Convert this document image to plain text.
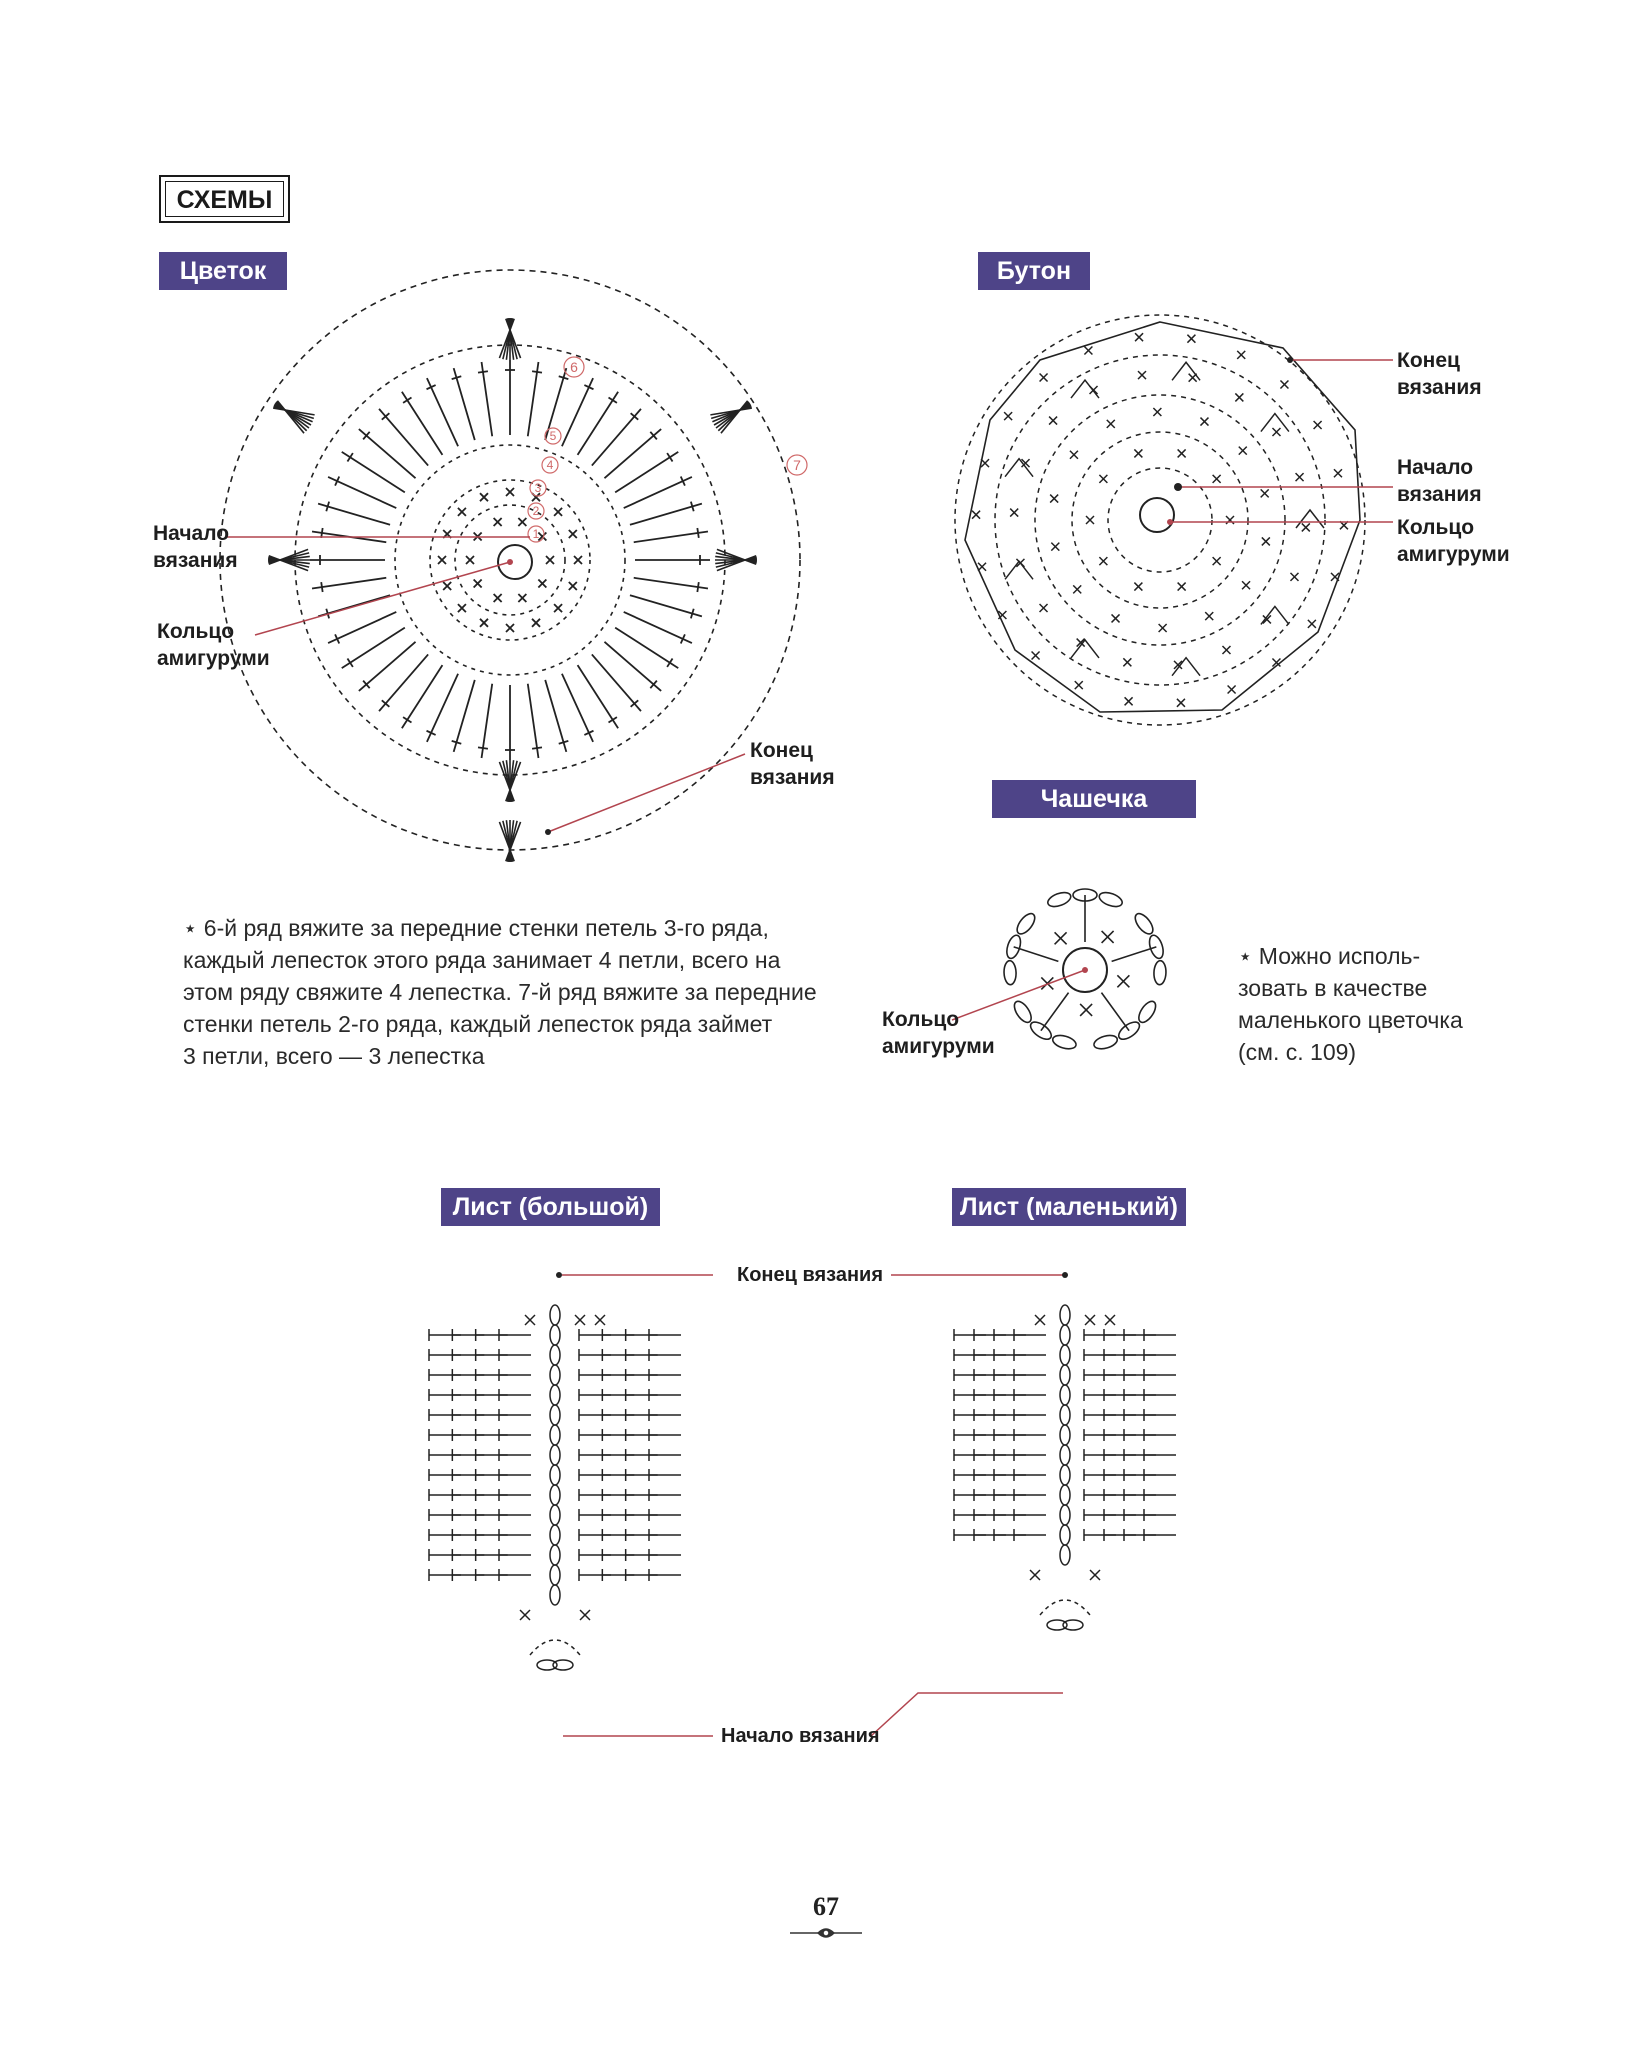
СХЕМЫ
Цветок	Бутон
Чашечка
Лист (большой)	Лист (маленький)
1
2
3
4
5
6
7
Начало
вязания
Кольцо
амигуруми
Конец
вязания
⋆ 6-й ряд вяжите за передние стенки петель 3-го ряда,
каждый лепесток этого ряда занимает 4 петли, всего на
этом ряду свяжите 4 лепестка. 7-й ряд вяжите за передние
стенки петель 2-го ряда, каждый лепесток ряда займет
3 петли, всего — 3 лепестка
Конец
вязания
Начало
вязания
Кольцо
амигуруми
Кольцо
амигуруми
⋆ Можно исполь-
зовать в качестве
маленького цветочка
(см. с. 109)
Конец вязания
Начало вязания
67
